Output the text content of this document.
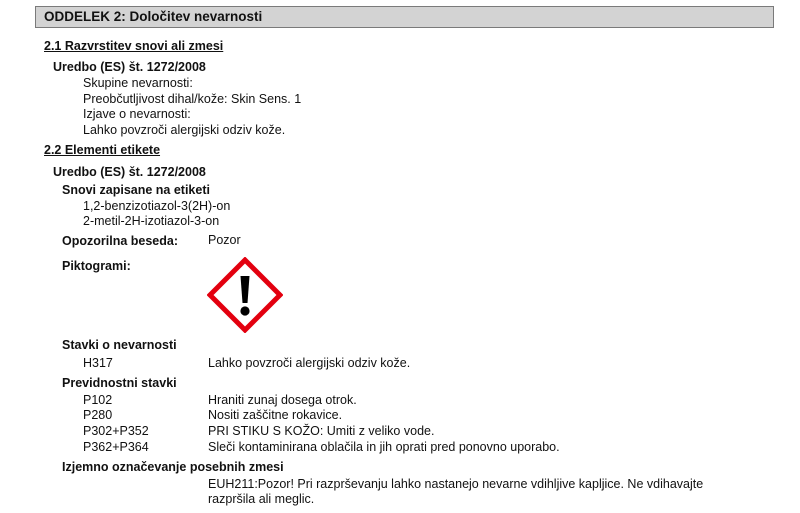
ODDELEK 2: Določitev nevarnosti
2.1 Razvrstitev snovi ali zmesi
Uredbo (ES) št. 1272/2008
Skupine nevarnosti:
Preobčutljivost dihal/kože: Skin Sens. 1
Izjave o nevarnosti:
Lahko povzroči alergijski odziv kože.
2.2 Elementi etikete
Uredbo (ES) št. 1272/2008
Snovi zapisane na etiketi
1,2-benzizotiazol-3(2H)-on
2-metil-2H-izotiazol-3-on
Opozorilna beseda: Pozor
Piktogrami:
Stavki o nevarnosti
H317	Lahko povzroči alergijski odziv kože.
Previdnostni stavki
P102	Hraniti zunaj dosega otrok.
P280	Nositi zaščitne rokavice.
P302+P352	PRI STIKU S KOŽO: Umiti z veliko vode.
P362+P364	Sleči kontaminirana oblačila in jih oprati pred ponovno uporabo.
Izjemno označevanje posebnih zmesi
EUH211:Pozor! Pri razprševanju lahko nastanejo nevarne vdihljive kapljice. Ne vdihavajte
razpršila ali meglic.
